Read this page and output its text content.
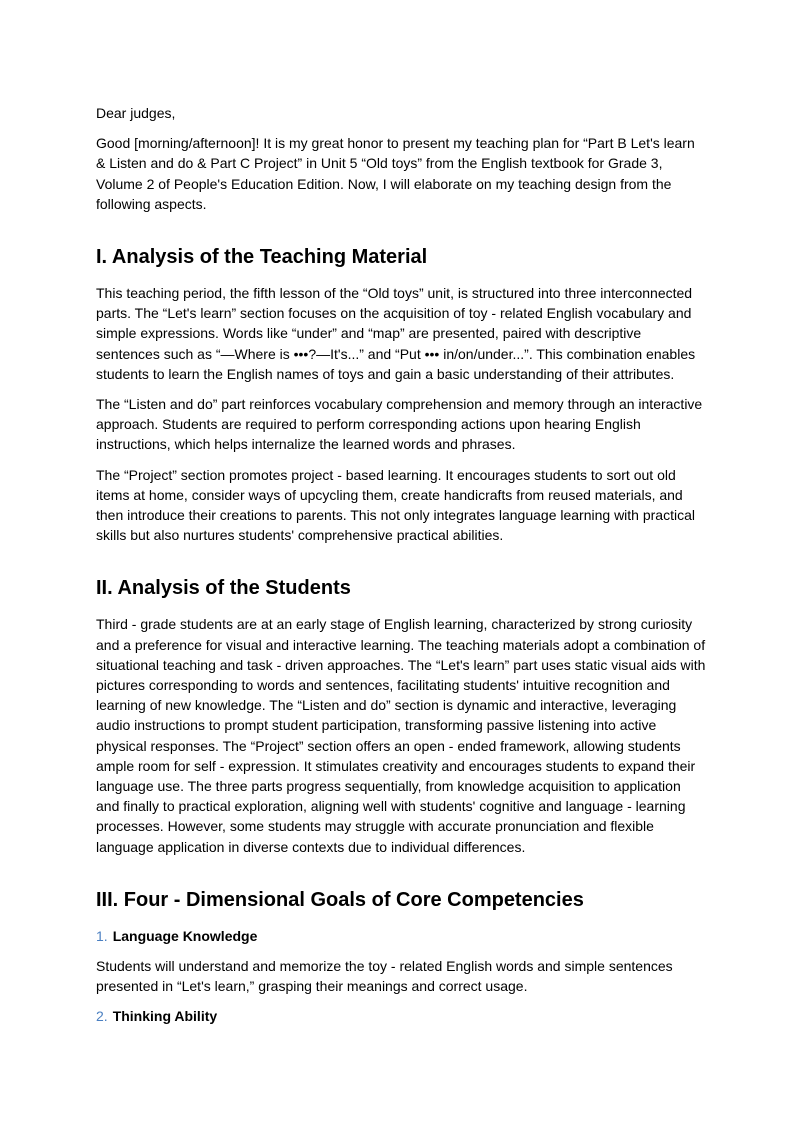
Dear judges,

Good [morning/afternoon]! It is my great honor to present my teaching plan for “Part B Let's learn & Listen and do & Part C Project” in Unit 5 “Old toys” from the English textbook for Grade 3, Volume 2 of People's Education Edition. Now, I will elaborate on my teaching design from the following aspects.

I. Analysis of the Teaching Material

This teaching period, the fifth lesson of the “Old toys” unit, is structured into three interconnected parts. The “Let's learn” section focuses on the acquisition of toy - related English vocabulary and simple expressions. Words like “under” and “map” are presented, paired with descriptive sentences such as “—Where is •••?—It's...” and “Put ••• in/on/under...”. This combination enables students to learn the English names of toys and gain a basic understanding of their attributes.

The “Listen and do” part reinforces vocabulary comprehension and memory through an interactive approach. Students are required to perform corresponding actions upon hearing English instructions, which helps internalize the learned words and phrases.

The “Project” section promotes project - based learning. It encourages students to sort out old items at home, consider ways of upcycling them, create handicrafts from reused materials, and then introduce their creations to parents. This not only integrates language learning with practical skills but also nurtures students' comprehensive practical abilities.

II. Analysis of the Students

Third - grade students are at an early stage of English learning, characterized by strong curiosity and a preference for visual and interactive learning. The teaching materials adopt a combination of situational teaching and task - driven approaches. The “Let's learn” part uses static visual aids with pictures corresponding to words and sentences, facilitating students' intuitive recognition and learning of new knowledge. The “Listen and do” section is dynamic and interactive, leveraging audio instructions to prompt student participation, transforming passive listening into active physical responses. The “Project” section offers an open - ended framework, allowing students ample room for self - expression. It stimulates creativity and encourages students to expand their language use. The three parts progress sequentially, from knowledge acquisition to application and finally to practical exploration, aligning well with students' cognitive and language - learning processes. However, some students may struggle with accurate pronunciation and flexible language application in diverse contexts due to individual differences.

III. Four - Dimensional Goals of Core Competencies
1. Language Knowledge

Students will understand and memorize the toy - related English words and simple sentences presented in “Let's learn,” grasping their meanings and correct usage.

2. Thinking Ability
